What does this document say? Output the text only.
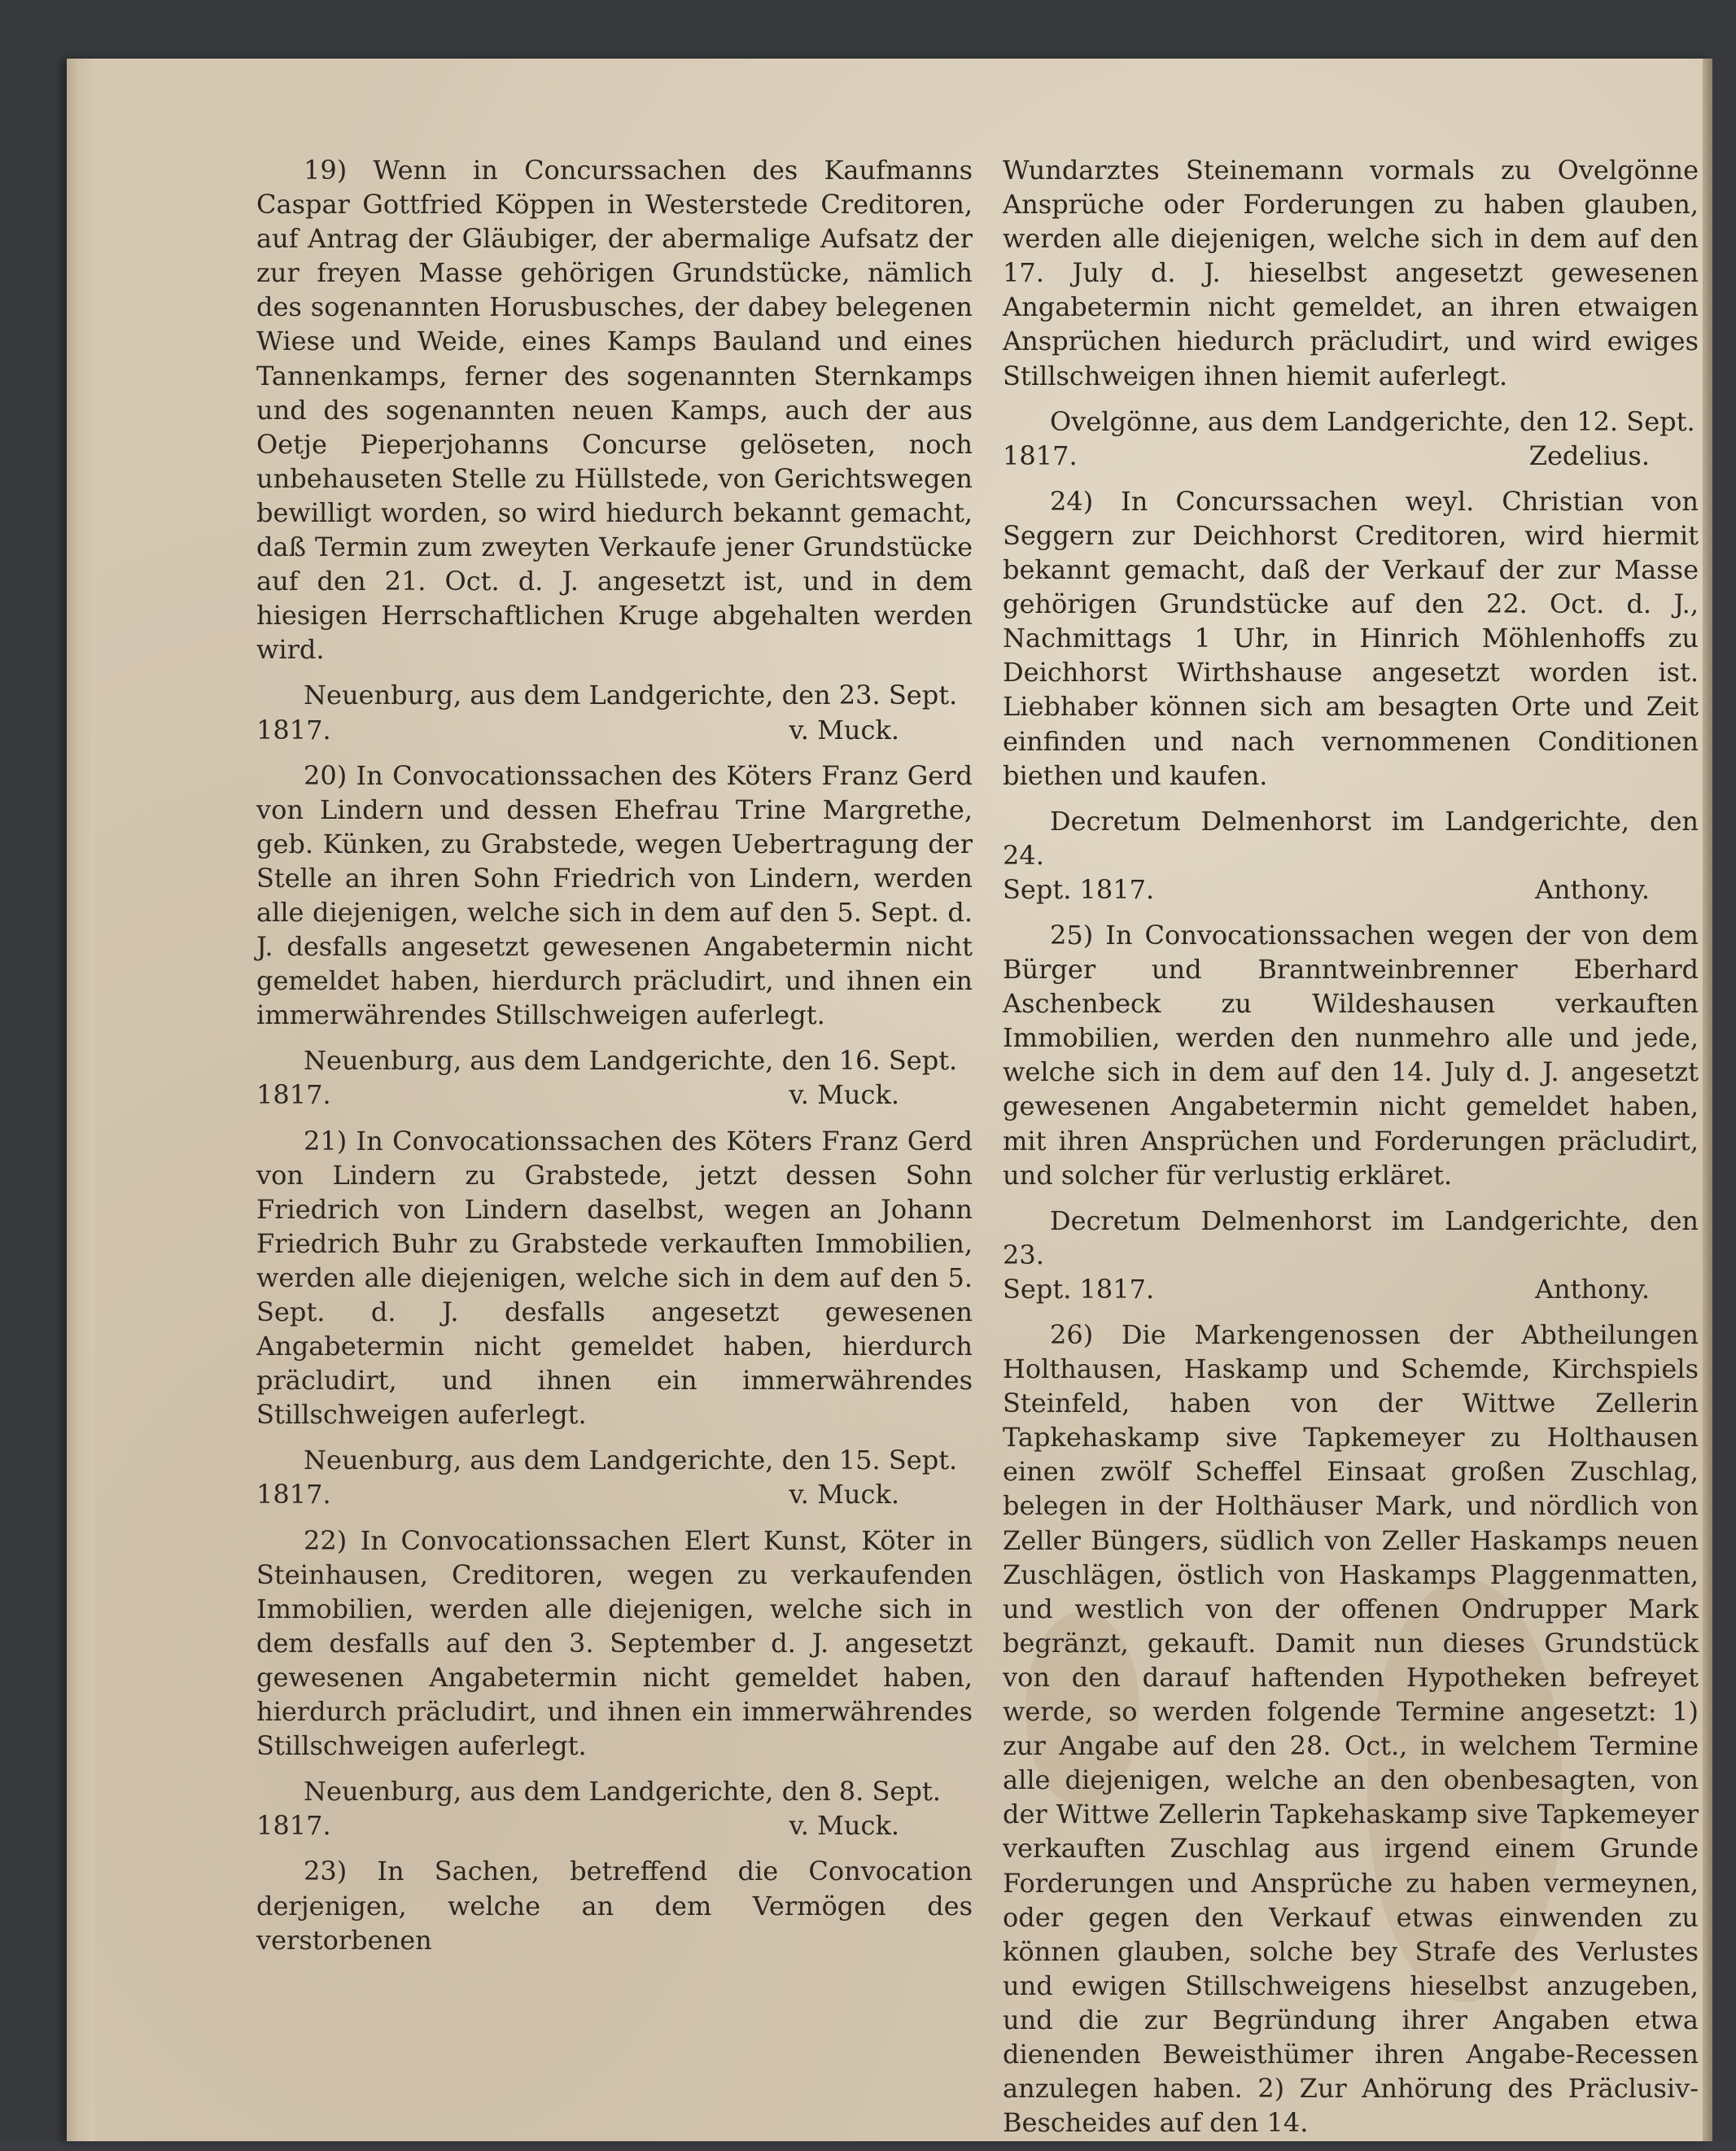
19) Wenn in Concurssachen des Kaufmanns Caspar Gottfried Köppen in Westerstede Creditoren, auf Antrag der Gläubiger, der abermalige Aufsatz der zur freyen Masse gehörigen Grundstücke, nämlich des sogenannten Horusbusches, der dabey belegenen Wiese und Weide, eines Kamps Bauland und eines Tannenkamps, ferner des sogenannten Sternkamps und des sogenannten neuen Kamps, auch der aus Oetje Pieperjohanns Concurse gelöseten, noch unbehauseten Stelle zu Hüllstede, von Gerichtswegen bewilligt worden, so wird hiedurch bekannt gemacht, daß Termin zum zweyten Verkaufe jener Grundstücke auf den 21. Oct. d. J. angesetzt ist, und in dem hiesigen Herrschaftlichen Kruge abgehalten werden wird.

Neuenburg, aus dem Landgerichte, den 23. Sept.
1817.	v. Muck.

20) In Convocationssachen des Köters Franz Gerd von Lindern und dessen Ehefrau Trine Margrethe, geb. Künken, zu Grabstede, wegen Uebertragung der Stelle an ihren Sohn Friedrich von Lindern, werden alle diejenigen, welche sich in dem auf den 5. Sept. d. J. desfalls angesetzt gewesenen Angabetermin nicht gemeldet haben, hierdurch präcludirt, und ihnen ein immerwährendes Stillschweigen auferlegt.

Neuenburg, aus dem Landgerichte, den 16. Sept.
1817.	v. Muck.

21) In Convocationssachen des Köters Franz Gerd von Lindern zu Grabstede, jetzt dessen Sohn Friedrich von Lindern daselbst, wegen an Johann Friedrich Buhr zu Grabstede verkauften Immobilien, werden alle diejenigen, welche sich in dem auf den 5. Sept. d. J. desfalls angesetzt gewesenen Angabetermin nicht gemeldet haben, hierdurch präcludirt, und ihnen ein immerwährendes Stillschweigen auferlegt.

Neuenburg, aus dem Landgerichte, den 15. Sept.
1817.	v. Muck.

22) In Convocationssachen Elert Kunst, Köter in Steinhausen, Creditoren, wegen zu verkaufenden Immobilien, werden alle diejenigen, welche sich in dem desfalls auf den 3. September d. J. angesetzt gewesenen Angabetermin nicht gemeldet haben, hierdurch präcludirt, und ihnen ein immerwährendes Stillschweigen auferlegt.

Neuenburg, aus dem Landgerichte, den 8. Sept.
1817.	v. Muck.

23) In Sachen, betreffend die Convocation derjenigen, welche an dem Vermögen des verstorbenen

Wundarztes Steinemann vormals zu Ovelgönne Ansprüche oder Forderungen zu haben glauben, werden alle diejenigen, welche sich in dem auf den 17. July d. J. hieselbst angesetzt gewesenen Angabetermin nicht gemeldet, an ihren etwaigen Ansprüchen hiedurch präcludirt, und wird ewiges Stillschweigen ihnen hiemit auferlegt.

Ovelgönne, aus dem Landgerichte, den 12. Sept.
1817.	Zedelius.

24) In Concurssachen weyl. Christian von Seggern zur Deichhorst Creditoren, wird hiermit bekannt gemacht, daß der Verkauf der zur Masse gehörigen Grundstücke auf den 22. Oct. d. J., Nachmittags 1 Uhr, in Hinrich Möhlenhoffs zu Deichhorst Wirthshause angesetzt worden ist. Liebhaber können sich am besagten Orte und Zeit einfinden und nach vernommenen Conditionen biethen und kaufen.

Decretum Delmenhorst im Landgerichte, den 24.
Sept. 1817.	Anthony.

25) In Convocationssachen wegen der von dem Bürger und Branntweinbrenner Eberhard Aschenbeck zu Wildeshausen verkauften Immobilien, werden den nunmehro alle und jede, welche sich in dem auf den 14. July d. J. angesetzt gewesenen Angabetermin nicht gemeldet haben, mit ihren Ansprüchen und Forderungen präcludirt, und solcher für verlustig erkläret.

Decretum Delmenhorst im Landgerichte, den 23.
Sept. 1817.	Anthony.

26) Die Markengenossen der Abtheilungen Holthausen, Haskamp und Schemde, Kirchspiels Steinfeld, haben von der Wittwe Zellerin Tapkehaskamp sive Tapkemeyer zu Holthausen einen zwölf Scheffel Einsaat großen Zuschlag, belegen in der Holthäuser Mark, und nördlich von Zeller Büngers, südlich von Zeller Haskamps neuen Zuschlägen, östlich von Haskamps Plaggenmatten, und westlich von der offenen Ondrupper Mark begränzt, gekauft. Damit nun dieses Grundstück von den darauf haftenden Hypotheken befreyet werde, so werden folgende Termine angesetzt: 1) zur Angabe auf den 28. Oct., in welchem Termine alle diejenigen, welche an den obenbesagten, von der Wittwe Zellerin Tapkehaskamp sive Tapkemeyer verkauften Zuschlag aus irgend einem Grunde Forderungen und Ansprüche zu haben vermeynen, oder gegen den Verkauf etwas einwenden zu können glauben, solche bey Strafe des Verlustes und ewigen Stillschweigens hieselbst anzugeben, und die zur Begründung ihrer Angaben etwa dienenden Beweisthümer ihren Angabe-Recessen anzulegen haben. 2) Zur Anhörung des Präclusiv-Bescheides auf den 14.
